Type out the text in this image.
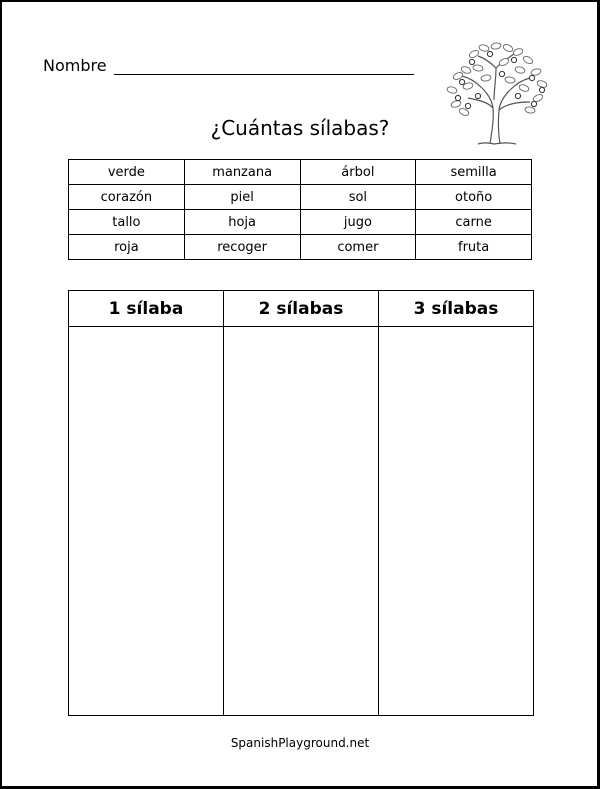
Nombre
¿Cuántas sílabas?
verde	manzana	árbol	semilla
corazón	piel	sol	otoño
tallo	hoja	jugo	carne
roja	recoger	comer	fruta
1 sílaba	2 sílabas	3 sílabas

SpanishPlayground.net
